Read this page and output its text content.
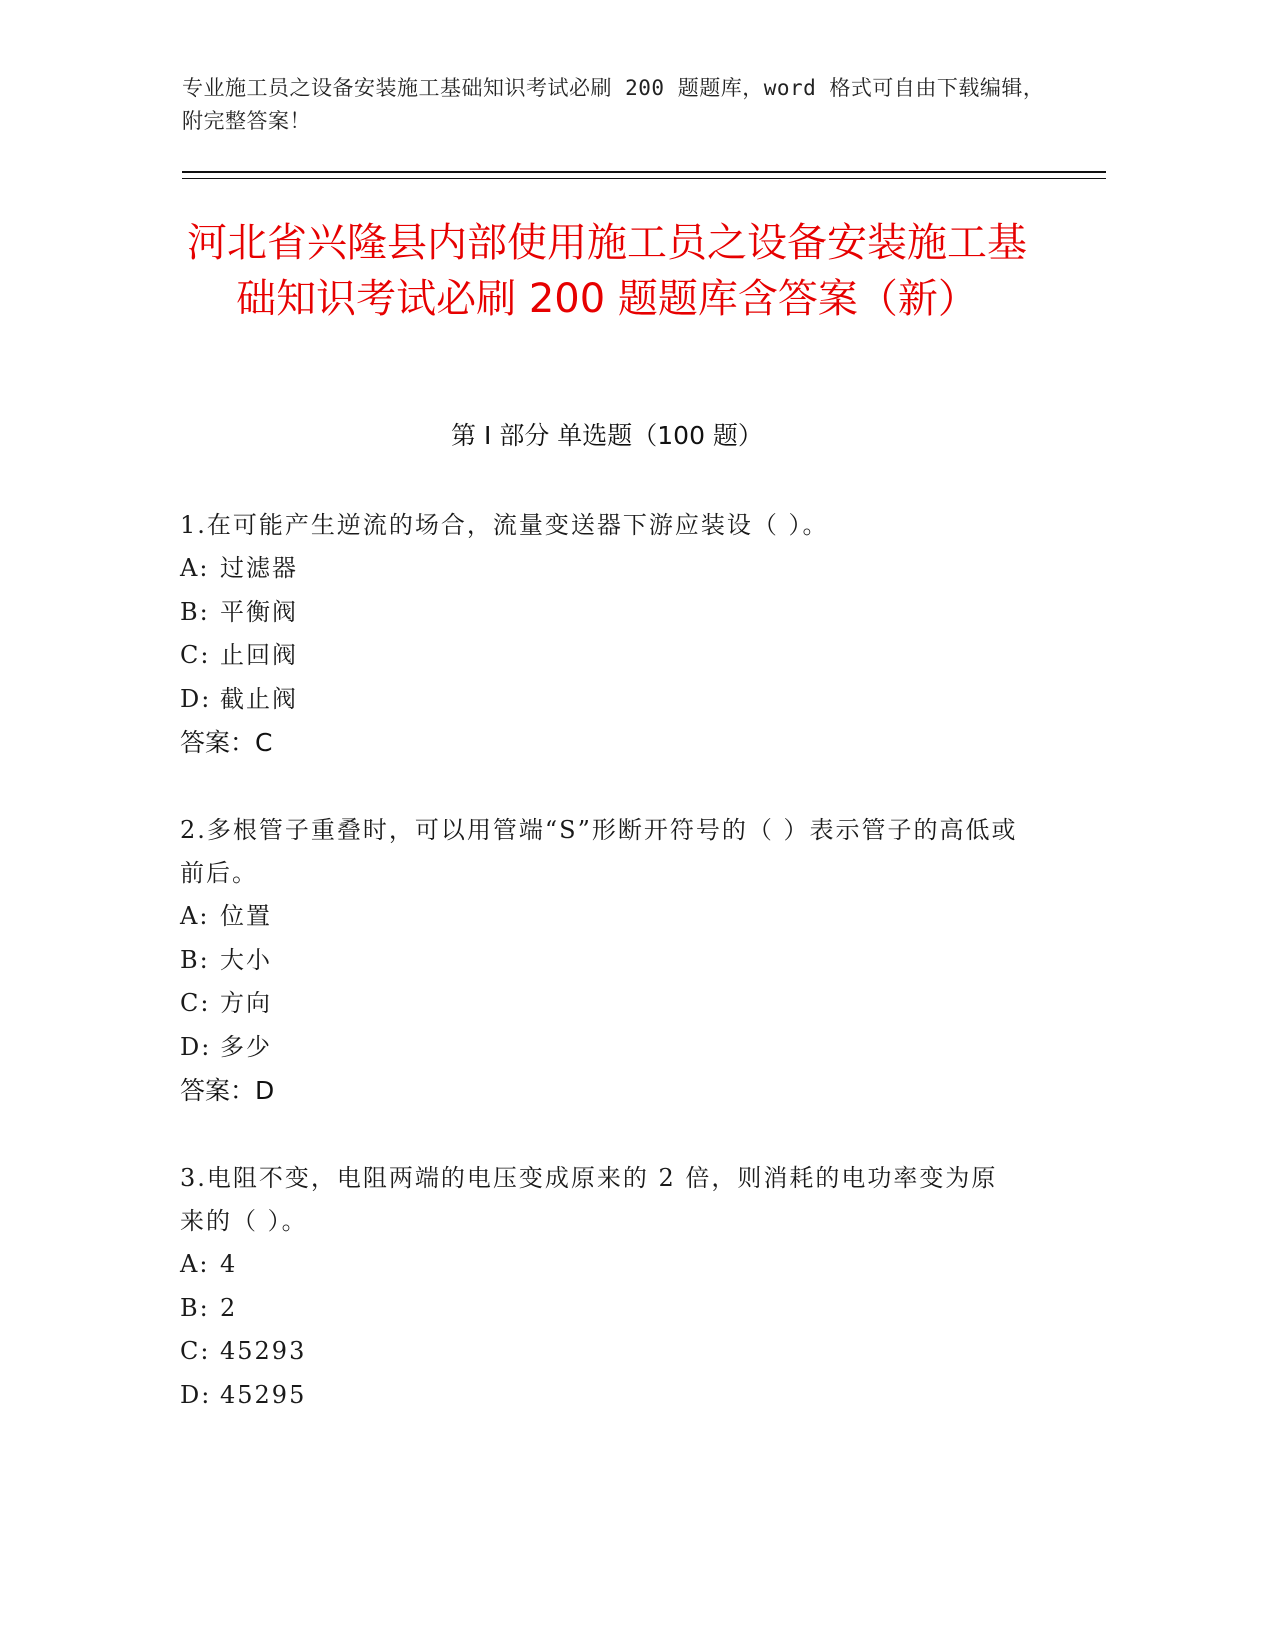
专业施工员之设备安装施工基础知识考试必刷 200 题题库，word 格式可自由下载编辑，附完整答案！
河北省兴隆县内部使用施工员之设备安装施工基础知识考试必刷 200 题题库含答案（新）
第 I 部分 单选题（100 题）
1.在可能产生逆流的场合，流量变送器下游应装设（ ）。
A: 过滤器
B: 平衡阀
C: 止回阀
D: 截止阀
答案：C
2.多根管子重叠时，可以用管端“S”形断开符号的（ ）表示管子的高低或前后。
A: 位置
B: 大小
C: 方向
D: 多少
答案：D
3.电阻不变，电阻两端的电压变成原来的 2 倍，则消耗的电功率变为原来的（ ）。
A: 4
B: 2
C: 45293
D: 45295
